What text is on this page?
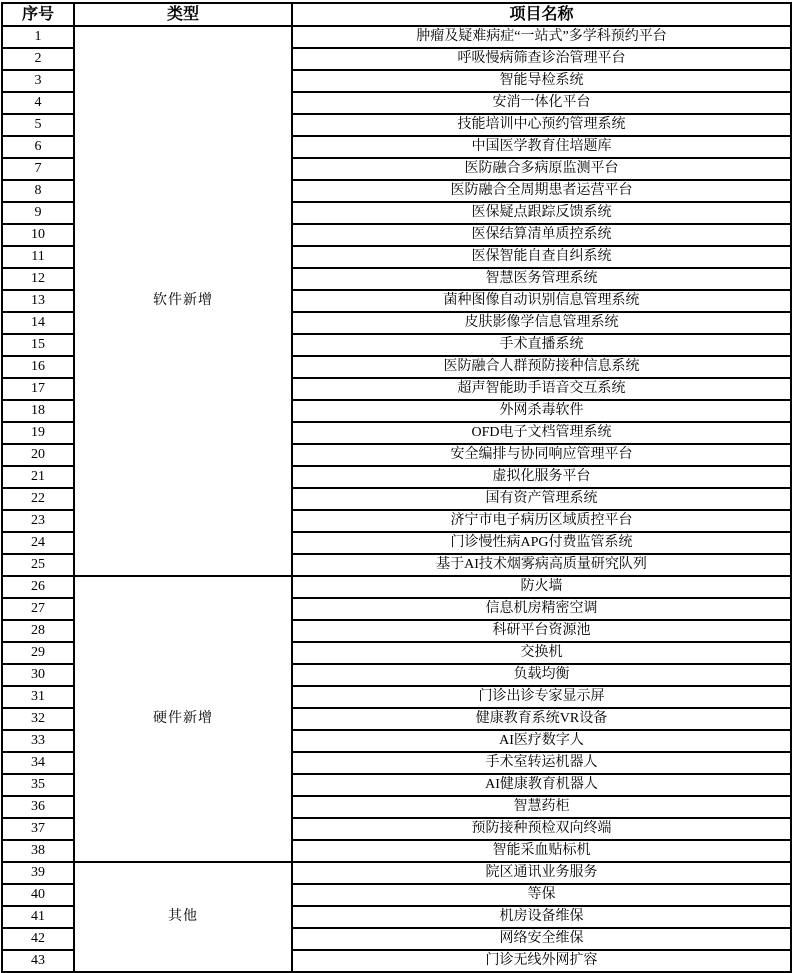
序号	类型	项目名称
1	软件新增	肿瘤及疑难病症“一站式”多学科预约平台
2		呼吸慢病筛查诊治管理平台
3		智能导检系统
4		安消一体化平台
5		技能培训中心预约管理系统
6		中国医学教育住培题库
7		医防融合多病原监测平台
8		医防融合全周期患者运营平台
9		医保疑点跟踪反馈系统
10		医保结算清单质控系统
11		医保智能自查自纠系统
12		智慧医务管理系统
13		菌种图像自动识别信息管理系统
14		皮肤影像学信息管理系统
15		手术直播系统
16		医防融合人群预防接种信息系统
17		超声智能助手语音交互系统
18		外网杀毒软件
19		OFD电子文档管理系统
20		安全编排与协同响应管理平台
21		虚拟化服务平台
22		国有资产管理系统
23		济宁市电子病历区域质控平台
24		门诊慢性病APG付费监管系统
25		基于AI技术烟雾病高质量研究队列
26	硬件新增	防火墙
27		信息机房精密空调
28		科研平台资源池
29		交换机
30		负载均衡
31		门诊出诊专家显示屏
32		健康教育系统VR设备
33		AI医疗数字人
34		手术室转运机器人
35		AI健康教育机器人
36		智慧药柜
37		预防接种预检双向终端
38		智能采血贴标机
39	其他	院区通讯业务服务
40		等保
41		机房设备维保
42		网络安全维保
43		门诊无线外网扩容
